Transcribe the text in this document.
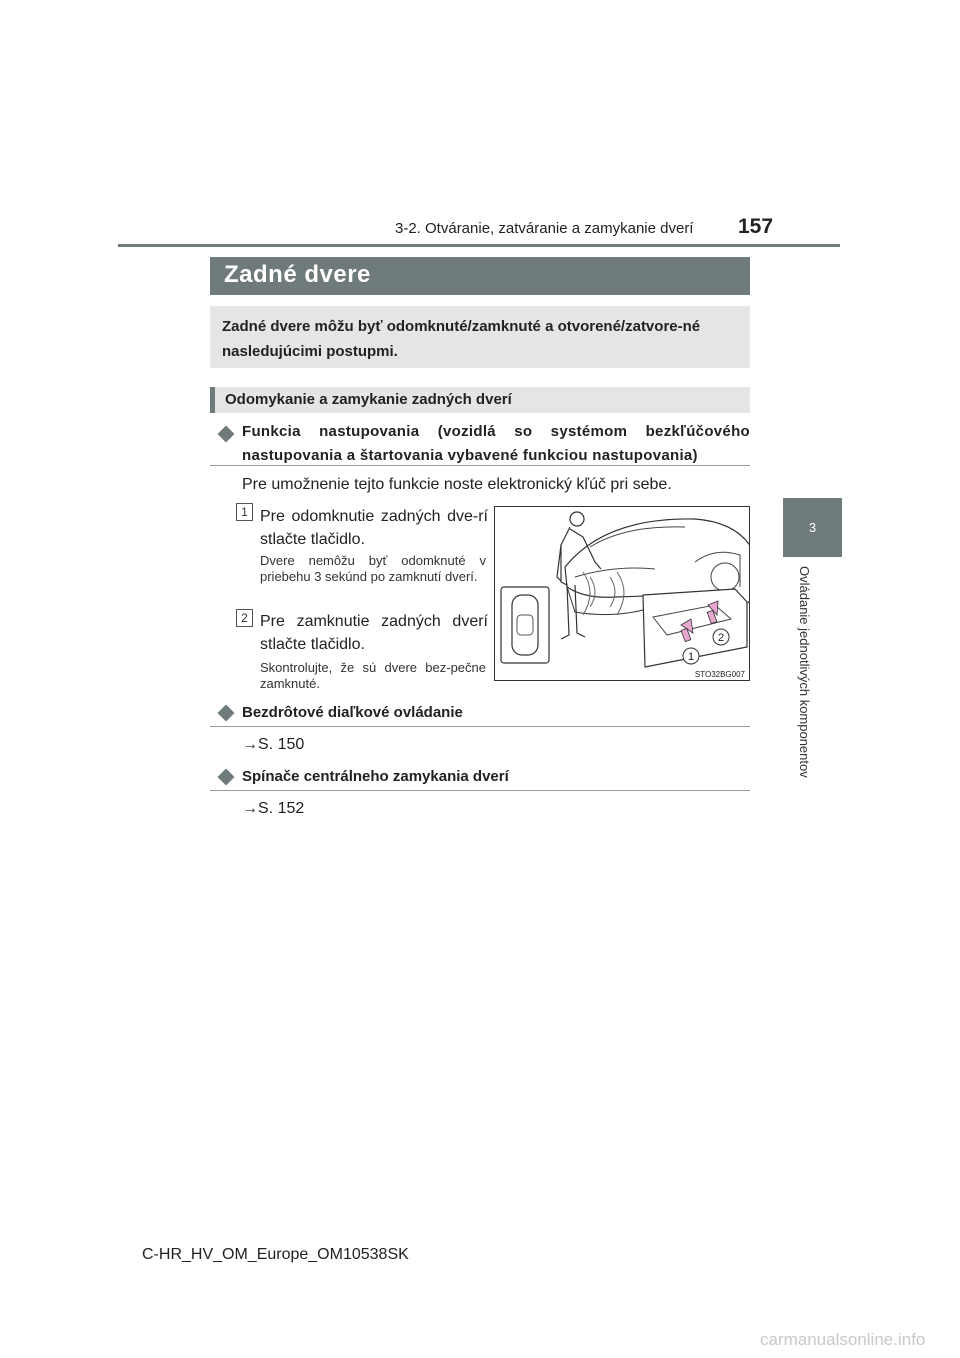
3-2. Otváranie, zatváranie a zamykanie dverí 157
3
Ovládanie jednotlivých komponentov
Zadné dvere
Zadné dvere môžu byť odomknuté/zamknuté a otvorené/zatvore-né nasledujúcimi postupmi.
Odomykanie a zamykanie zadných dverí
Funkcia nastupovania (vozidlá so systémom bezkľúčového nastupovania a štartovania vybavené funkciou nastupovania)
Pre umožnenie tejto funkcie noste elektronický kľúč pri sebe.
1 Pre odomknutie zadných dve-rí stlačte tlačidlo.
Dvere nemôžu byť odomknuté v priebehu 3 sekúnd po zamknutí dverí.
2 Pre zamknutie zadných dverí stlačte tlačidlo.
Skontrolujte, že sú dvere bez-pečne zamknuté.
1
2
STO32BG007
Bezdrôtové diaľkové ovládanie
→S. 150
Spínače centrálneho zamykania dverí
→S. 152
C-HR_HV_OM_Europe_OM10538SK
carmanualsonline.info
